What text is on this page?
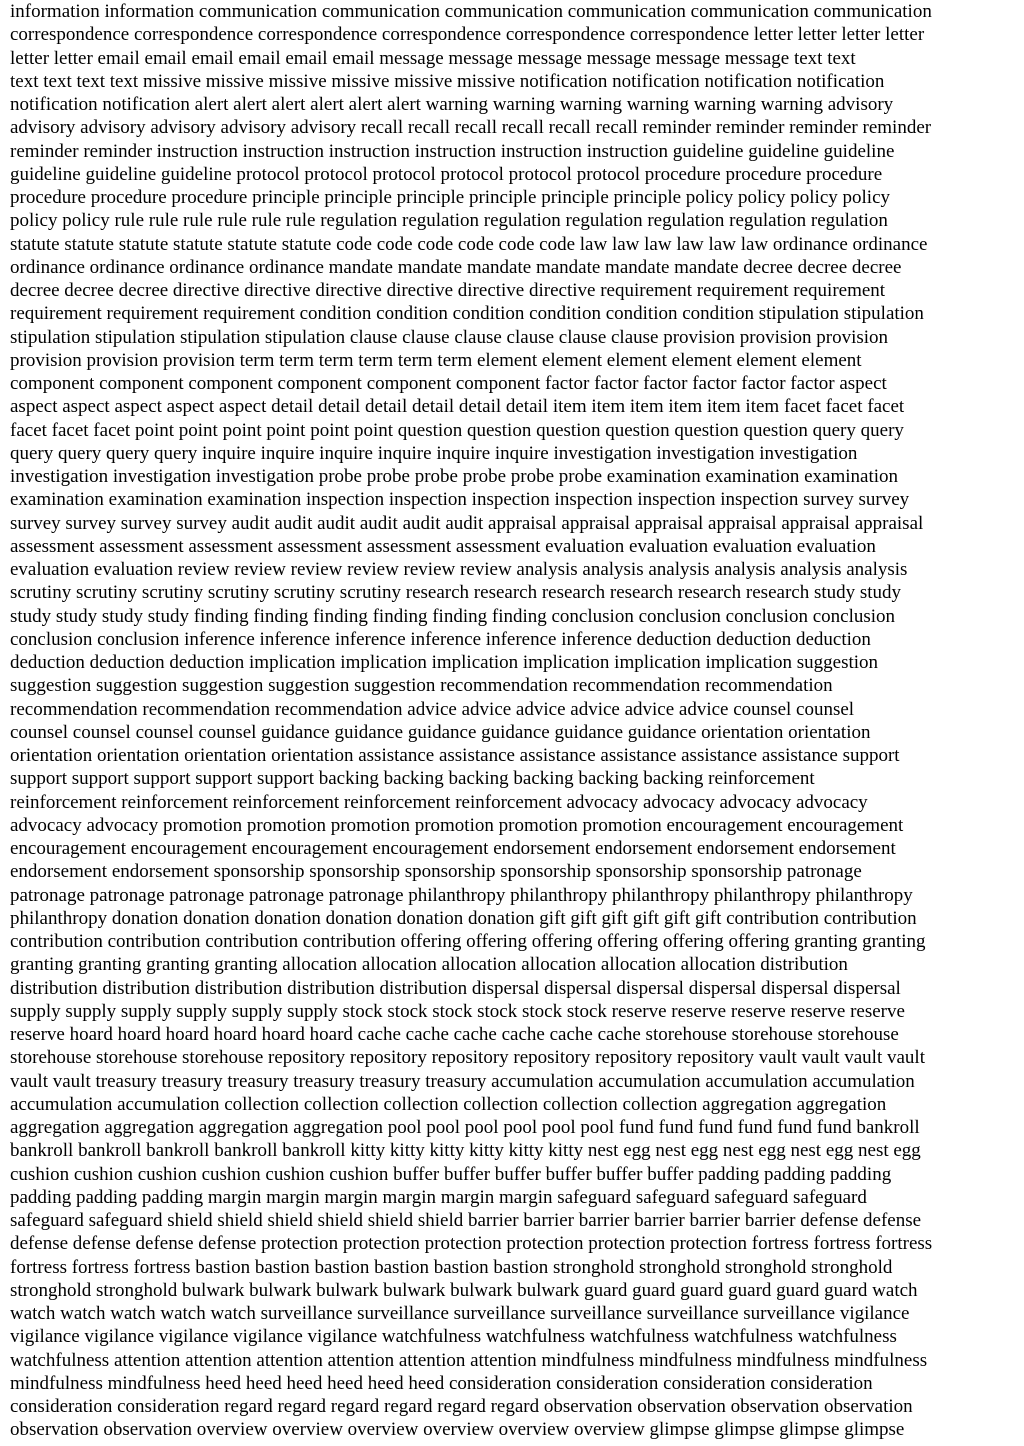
information information communication communication communication communication communication communication
correspondence correspondence correspondence correspondence correspondence correspondence letter letter letter letter
letter letter email email email email email email message message message message message message text text
text text text text missive missive missive missive missive missive notification notification notification notification
notification notification alert alert alert alert alert alert warning warning warning warning warning warning advisory
advisory advisory advisory advisory advisory recall recall recall recall recall recall reminder reminder reminder reminder
reminder reminder instruction instruction instruction instruction instruction instruction guideline guideline guideline
guideline guideline guideline protocol protocol protocol protocol protocol protocol procedure procedure procedure
procedure procedure procedure principle principle principle principle principle principle policy policy policy policy
policy policy rule rule rule rule rule rule regulation regulation regulation regulation regulation regulation regulation
statute statute statute statute statute statute code code code code code code law law law law law law ordinance ordinance
ordinance ordinance ordinance ordinance mandate mandate mandate mandate mandate mandate decree decree decree
decree decree decree directive directive directive directive directive directive requirement requirement requirement
requirement requirement requirement condition condition condition condition condition condition stipulation stipulation
stipulation stipulation stipulation stipulation clause clause clause clause clause clause provision provision provision
provision provision provision term term term term term term element element element element element element
component component component component component component factor factor factor factor factor factor aspect
aspect aspect aspect aspect aspect detail detail detail detail detail detail item item item item item item facet facet facet
facet facet facet point point point point point point question question question question question question query query
query query query query inquire inquire inquire inquire inquire inquire investigation investigation investigation
investigation investigation investigation probe probe probe probe probe probe examination examination examination
examination examination examination inspection inspection inspection inspection inspection inspection survey survey
survey survey survey survey audit audit audit audit audit audit appraisal appraisal appraisal appraisal appraisal appraisal
assessment assessment assessment assessment assessment assessment evaluation evaluation evaluation evaluation
evaluation evaluation review review review review review review analysis analysis analysis analysis analysis analysis
scrutiny scrutiny scrutiny scrutiny scrutiny scrutiny research research research research research research study study
study study study study finding finding finding finding finding finding conclusion conclusion conclusion conclusion
conclusion conclusion inference inference inference inference inference inference deduction deduction deduction
deduction deduction deduction implication implication implication implication implication implication suggestion
suggestion suggestion suggestion suggestion suggestion recommendation recommendation recommendation
recommendation recommendation recommendation advice advice advice advice advice advice counsel counsel
counsel counsel counsel counsel guidance guidance guidance guidance guidance guidance orientation orientation
orientation orientation orientation orientation assistance assistance assistance assistance assistance assistance support
support support support support support backing backing backing backing backing backing reinforcement
reinforcement reinforcement reinforcement reinforcement reinforcement advocacy advocacy advocacy advocacy
advocacy advocacy promotion promotion promotion promotion promotion promotion encouragement encouragement
encouragement encouragement encouragement encouragement endorsement endorsement endorsement endorsement
endorsement endorsement sponsorship sponsorship sponsorship sponsorship sponsorship sponsorship patronage
patronage patronage patronage patronage patronage philanthropy philanthropy philanthropy philanthropy philanthropy
philanthropy donation donation donation donation donation donation gift gift gift gift gift gift contribution contribution
contribution contribution contribution contribution offering offering offering offering offering offering granting granting
granting granting granting granting allocation allocation allocation allocation allocation allocation distribution
distribution distribution distribution distribution distribution dispersal dispersal dispersal dispersal dispersal dispersal
supply supply supply supply supply supply stock stock stock stock stock stock reserve reserve reserve reserve reserve
reserve hoard hoard hoard hoard hoard hoard cache cache cache cache cache cache storehouse storehouse storehouse
storehouse storehouse storehouse repository repository repository repository repository repository vault vault vault vault
vault vault treasury treasury treasury treasury treasury treasury accumulation accumulation accumulation accumulation
accumulation accumulation collection collection collection collection collection collection aggregation aggregation
aggregation aggregation aggregation aggregation pool pool pool pool pool pool fund fund fund fund fund fund bankroll
bankroll bankroll bankroll bankroll bankroll kitty kitty kitty kitty kitty kitty nest egg nest egg nest egg nest egg nest egg
cushion cushion cushion cushion cushion cushion buffer buffer buffer buffer buffer buffer padding padding padding
padding padding padding margin margin margin margin margin margin safeguard safeguard safeguard safeguard
safeguard safeguard shield shield shield shield shield shield barrier barrier barrier barrier barrier barrier defense defense
defense defense defense defense protection protection protection protection protection protection fortress fortress fortress
fortress fortress fortress bastion bastion bastion bastion bastion bastion stronghold stronghold stronghold stronghold
stronghold stronghold bulwark bulwark bulwark bulwark bulwark bulwark guard guard guard guard guard guard watch
watch watch watch watch watch surveillance surveillance surveillance surveillance surveillance surveillance vigilance
vigilance vigilance vigilance vigilance vigilance watchfulness watchfulness watchfulness watchfulness watchfulness
watchfulness attention attention attention attention attention attention mindfulness mindfulness mindfulness mindfulness
mindfulness mindfulness heed heed heed heed heed heed consideration consideration consideration consideration
consideration consideration regard regard regard regard regard regard observation observation observation observation
observation observation overview overview overview overview overview overview glimpse glimpse glimpse glimpse
